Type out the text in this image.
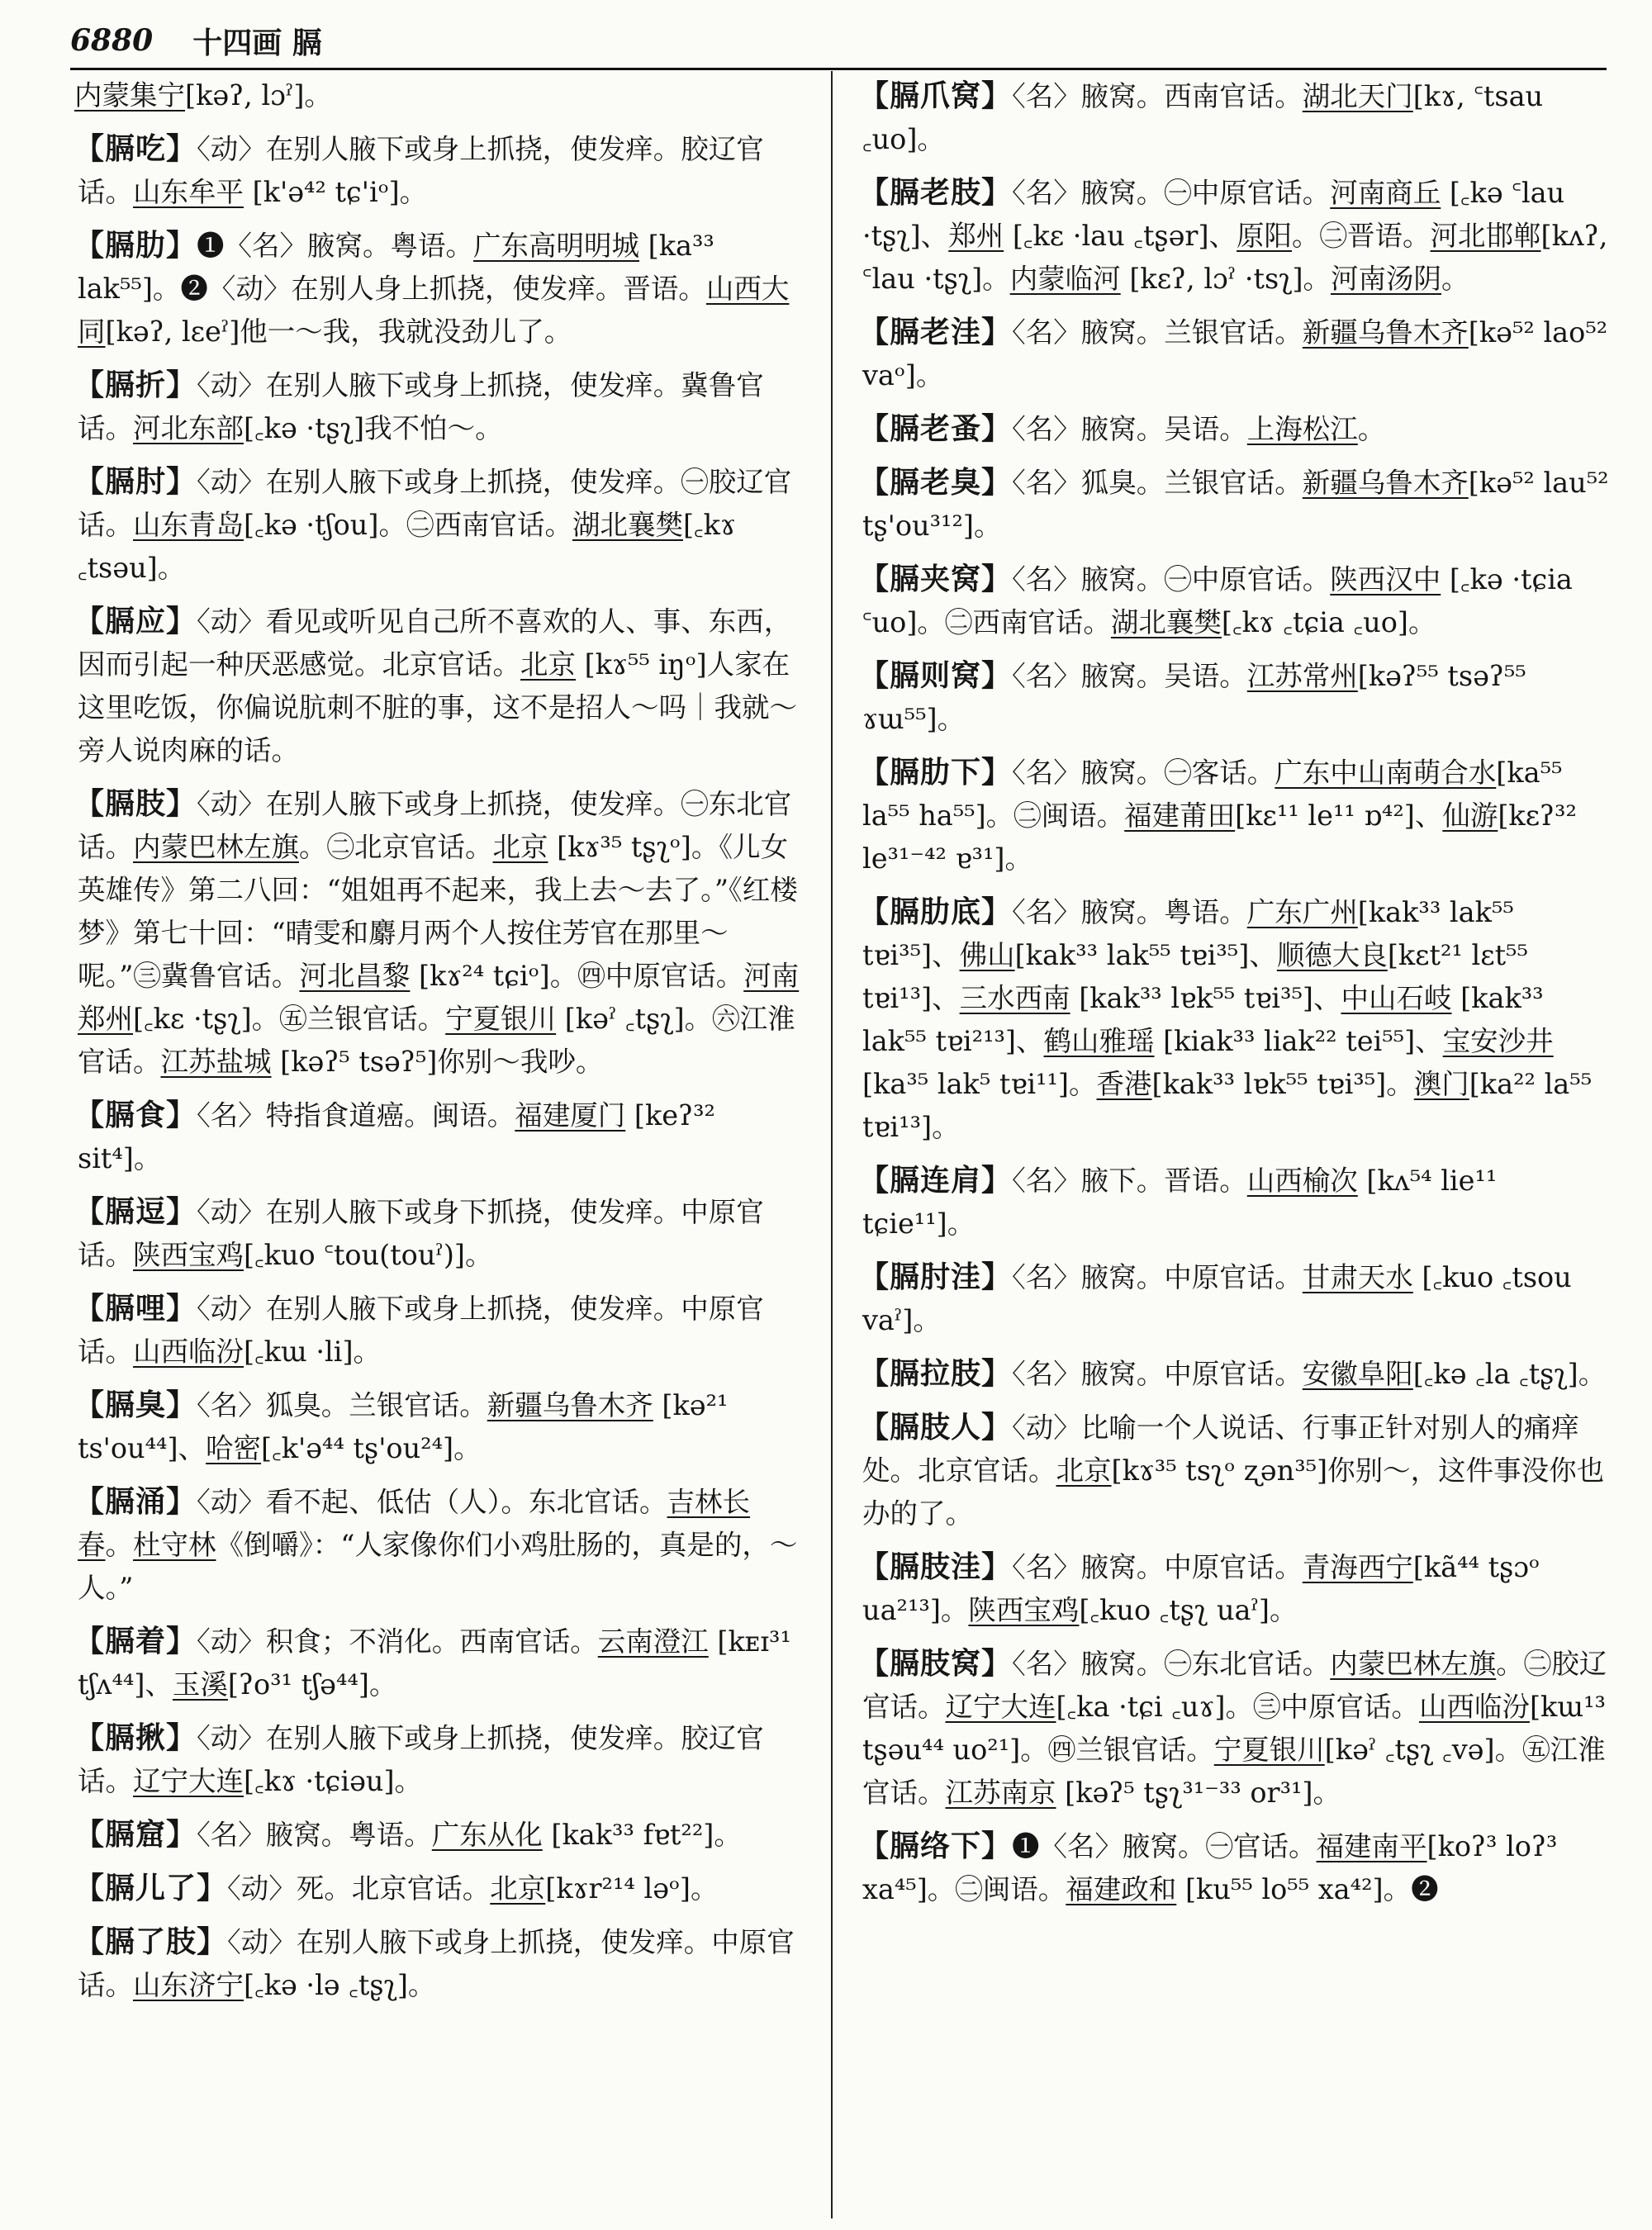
6880 十四画 膈
内蒙集宁[kəʔ, lɔˀ]。
【膈吃】〈动〉在别人腋下或身上抓挠，使发痒。胶辽官话。山东牟平 [k'ə⁴² tɕ'iᵒ]。
【膈肋】❶〈名〉腋窝。粤语。广东高明明城 [ka³³ lak⁵⁵]。❷〈动〉在别人身上抓挠，使发痒。晋语。山西大同[kəʔ, lɛeˀ]他一～我，我就没劲儿了。
【膈折】〈动〉在别人腋下或身上抓挠，使发痒。冀鲁官话。河北东部[꜀kə ·tʂʅ]我不怕～。
【膈肘】〈动〉在别人腋下或身上抓挠，使发痒。㊀胶辽官话。山东青岛[꜀kə ·tʃou]。㊁西南官话。湖北襄樊[꜀kɤ ꜀tsəu]。
【膈应】〈动〉看见或听见自己所不喜欢的人、事、东西，因而引起一种厌恶感觉。北京官话。北京 [kɤ⁵⁵ iŋᵒ]人家在这里吃饭，你偏说肮刺不脏的事，这不是招人～吗｜我就～旁人说肉麻的话。
【膈肢】〈动〉在别人腋下或身上抓挠，使发痒。㊀东北官话。内蒙巴林左旗。㊁北京官话。北京 [kɤ³⁵ tʂʅᵒ]。《儿女英雄传》第二八回：“姐姐再不起来，我上去～去了。”《红楼梦》第七十回：“晴雯和麝月两个人按住芳官在那里～呢。”㊂冀鲁官话。河北昌黎 [kɤ²⁴ tɕiᵒ]。㊃中原官话。河南郑州[꜀kɛ ·tʂʅ]。㊄兰银官话。宁夏银川 [kəˀ ꜀tʂʅ]。㊅江淮官话。江苏盐城 [kəʔ⁵ tsəʔ⁵]你别～我吵。
【膈食】〈名〉特指食道癌。闽语。福建厦门 [keʔ³² sit⁴]。
【膈逗】〈动〉在别人腋下或身下抓挠，使发痒。中原官话。陕西宝鸡[꜀kuo ꜂tou(touˀ)]。
【膈哩】〈动〉在别人腋下或身上抓挠，使发痒。中原官话。山西临汾[꜀kɯ ·li]。
【膈臭】〈名〉狐臭。兰银官话。新疆乌鲁木齐 [kə²¹ ts'ou⁴⁴]、哈密[꜀k'ə⁴⁴ tʂ'ou²⁴]。
【膈涌】〈动〉看不起、低估（人）。东北官话。吉林长春。杜守林《倒嚼》：“人家像你们小鸡肚肠的，真是的，～人。”
【膈着】〈动〉积食；不消化。西南官话。云南澄江 [kᴇɪ³¹ tʃʌ⁴⁴]、玉溪[ʔo³¹ tʃə⁴⁴]。
【膈揪】〈动〉在别人腋下或身上抓挠，使发痒。胶辽官话。辽宁大连[꜀kɤ ·tɕiəu]。
【膈窟】〈名〉腋窝。粤语。广东从化 [kak³³ fɐt²²]。
【膈儿了】〈动〉死。北京官话。北京[kɤr²¹⁴ ləᵒ]。
【膈了肢】〈动〉在别人腋下或身上抓挠，使发痒。中原官话。山东济宁[꜀kə ·lə ꜀tʂʅ]。
【膈爪窝】〈名〉腋窝。西南官话。湖北天门[kɤ, ꜂tsau ꜀uo]。
【膈老肢】〈名〉腋窝。㊀中原官话。河南商丘 [꜀kə ꜂lau ·tʂʅ]、郑州 [꜀kɛ ·lau ꜀tʂər]、原阳。㊁晋语。河北邯郸[kʌʔ, ꜂lau ·tʂʅ]。内蒙临河 [kɛʔ, lɔˀ ·tsʅ]。河南汤阴。
【膈老洼】〈名〉腋窝。兰银官话。新疆乌鲁木齐[kə⁵² lao⁵² vaᵒ]。
【膈老蚤】〈名〉腋窝。吴语。上海松江。
【膈老臭】〈名〉狐臭。兰银官话。新疆乌鲁木齐[kə⁵² lau⁵² tʂ'ou³¹²]。
【膈夹窝】〈名〉腋窝。㊀中原官话。陕西汉中 [꜀kə ·tɕia ꜂uo]。㊁西南官话。湖北襄樊[꜀kɤ ꜀tɕia ꜀uo]。
【膈则窝】〈名〉腋窝。吴语。江苏常州[kəʔ⁵⁵ tsəʔ⁵⁵ ɤɯ⁵⁵]。
【膈肋下】〈名〉腋窝。㊀客话。广东中山南萌合水[ka⁵⁵ la⁵⁵ ha⁵⁵]。㊁闽语。福建莆田[kɛ¹¹ le¹¹ ɒ⁴²]、仙游[kɛʔ³² le³¹⁻⁴² ɐ³¹]。
【膈肋底】〈名〉腋窝。粤语。广东广州[kak³³ lak⁵⁵ tɐi³⁵]、佛山[kak³³ lak⁵⁵ tɐi³⁵]、顺德大良[kɛt²¹ lɛt⁵⁵ tɐi¹³]、三水西南 [kak³³ lɐk⁵⁵ tɐi³⁵]、中山石岐 [kak³³ lak⁵⁵ tɐi²¹³]、鹤山雅瑶 [kiak³³ liak²² tei⁵⁵]、宝安沙井 [ka³⁵ lak⁵ tɐi¹¹]。香港[kak³³ lɐk⁵⁵ tɐi³⁵]。澳门[ka²² la⁵⁵ tɐi¹³]。
【膈连肩】〈名〉腋下。晋语。山西榆次 [kʌ⁵⁴ lie¹¹ tɕie¹¹]。
【膈肘洼】〈名〉腋窝。中原官话。甘肃天水 [꜀kuo ꜀tsou vaˀ]。
【膈拉肢】〈名〉腋窝。中原官话。安徽阜阳[꜀kə ꜀la ꜀tʂʅ]。
【膈肢人】〈动〉比喻一个人说话、行事正针对别人的痛痒处。北京官话。北京[kɤ³⁵ tsʅᵒ ʐən³⁵]你别～，这件事没你也办的了。
【膈肢洼】〈名〉腋窝。中原官话。青海西宁[kã⁴⁴ tʂɔᵒ ua²¹³]。陕西宝鸡[꜀kuo ꜀tʂʅ uaˀ]。
【膈肢窝】〈名〉腋窝。㊀东北官话。内蒙巴林左旗。㊁胶辽官话。辽宁大连[꜀ka ·tɕi ꜀uɤ]。㊂中原官话。山西临汾[kɯ¹³ tʂəu⁴⁴ uo²¹]。㊃兰银官话。宁夏银川[kəˀ ꜀tʂʅ ꜀və]。㊄江淮官话。江苏南京 [kəʔ⁵ tʂʅ³¹⁻³³ or³¹]。
【膈络下】❶〈名〉腋窝。㊀官话。福建南平[koʔ³ loʔ³ xa⁴⁵]。㊁闽语。福建政和 [ku⁵⁵ lo⁵⁵ xa⁴²]。❷
